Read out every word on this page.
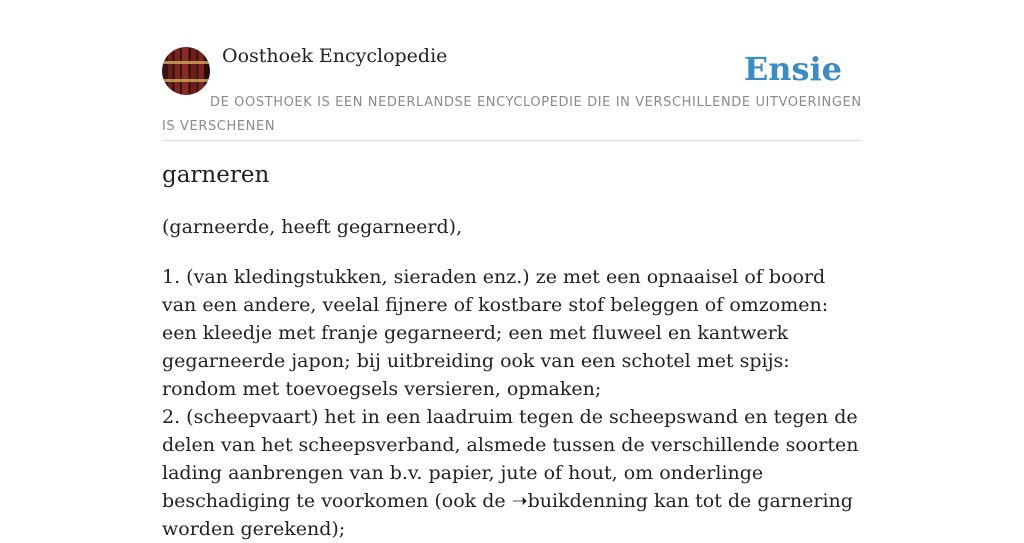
Oosthoek Encyclopedie	Ensie
DE OOSTHOEK IS EEN NEDERLANDSE ENCYCLOPEDIE DIE IN VERSCHILLENDE UITVOERINGEN IS VERSCHENEN
garneren
(garneerde, heeft gegarneerd),

1. (van kledingstukken, sieraden enz.) ze met een opnaaisel of boord van een andere, veelal fijnere of kostbare stof beleggen of omzomen: een kleedje met franje gegarneerd; een met fluweel en kantwerk gegarneerde japon; bij uitbreiding ook van een schotel met spijs: rondom met toevoegsels versieren, opmaken;

2. (scheepvaart) het in een laadruim tegen de scheepswand en tegen de delen van het scheepsverband, alsmede tussen de verschillende soorten lading aanbrengen van b.v. papier, jute of hout, om onderlinge beschadiging te voorkomen (ook de ➝buikdenning kan tot de garnering worden gerekend);
